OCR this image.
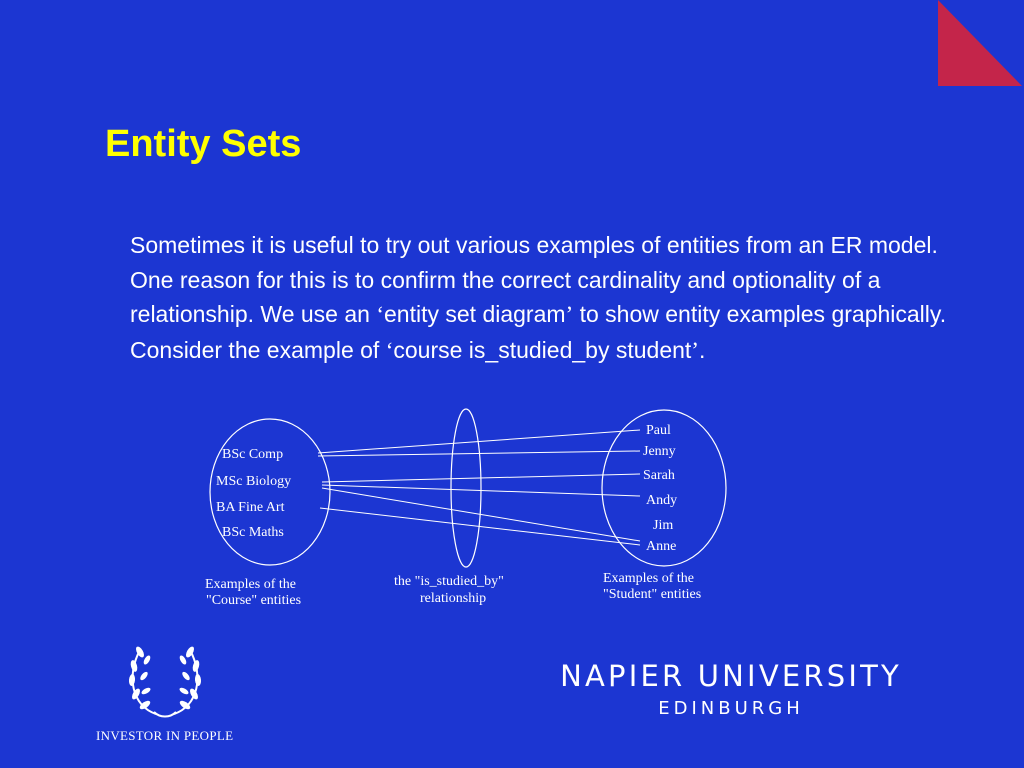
Entity Sets
Sometimes it is useful to try out various examples of entities from an ER model. One reason for this is to confirm the correct cardinality and optionality of a relationship. We use an ‘entity set diagram’ to show entity examples graphically. Consider the example of ‘course is_studied_by student’.
BSc Comp
MSc Biology
BA Fine Art
BSc Maths
Paul
Jenny
Sarah
Andy
Jim
Anne
Examples of the
"Course" entities
the "is_studied_by"
relationship
Examples of the
"Student" entities
INVESTOR IN PEOPLE
NAPIER UNIVERSITY
EDINBURGH
